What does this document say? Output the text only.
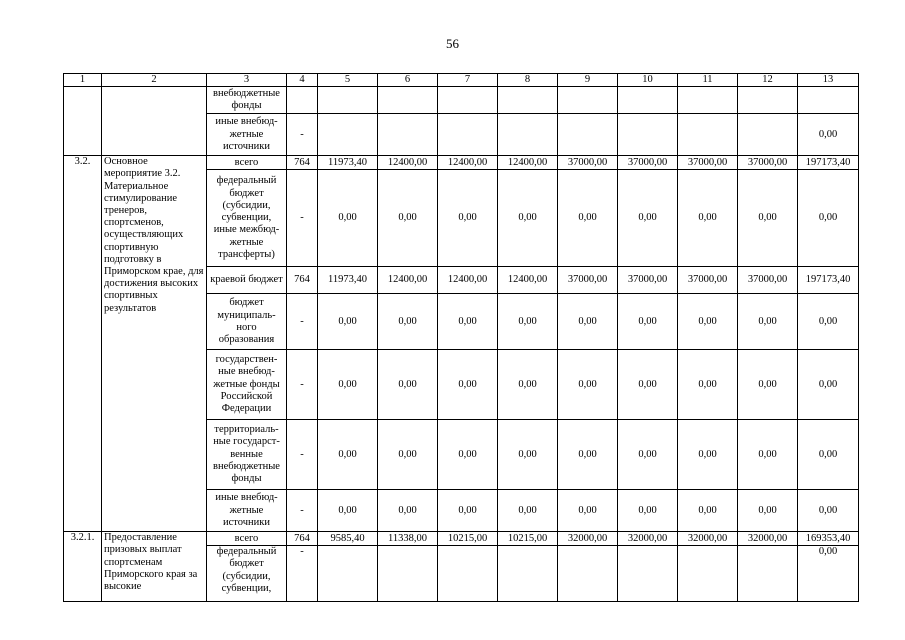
56
1	2	3	4	5	6	7	8	9	10	11	12	13
		внебюджетные фонды										
		иные внебюд-жетные источники	-									0,00
3.2.	Основное мероприятие 3.2. Материальное стимулирование тренеров, спортсменов, осуществляющих спортивную подготовку в Приморском крае, для достижения высоких спортивных результатов	всего	764	11973,40	12400,00	12400,00	12400,00	37000,00	37000,00	37000,00	37000,00	197173,40
		федеральный бюджет (субсидии, субвенции, иные межбюд-жетные трансферты)	-	0,00	0,00	0,00	0,00	0,00	0,00	0,00	0,00	0,00
		краевой бюджет	764	11973,40	12400,00	12400,00	12400,00	37000,00	37000,00	37000,00	37000,00	197173,40
		бюджет муниципаль-ного образования	-	0,00	0,00	0,00	0,00	0,00	0,00	0,00	0,00	0,00
		государствен-ные внебюд-жетные фонды Российской Федерации	-	0,00	0,00	0,00	0,00	0,00	0,00	0,00	0,00	0,00
		территориаль-ные государст-венные внебюджетные фонды	-	0,00	0,00	0,00	0,00	0,00	0,00	0,00	0,00	0,00
		иные внебюд-жетные источники	-	0,00	0,00	0,00	0,00	0,00	0,00	0,00	0,00	0,00
3.2.1.	Предоставление призовых выплат спортсменам Приморского края за высокие	всего	764	9585,40	11338,00	10215,00	10215,00	32000,00	32000,00	32000,00	32000,00	169353,40
		федеральный бюджет (субсидии, субвенции,	-									0,00
